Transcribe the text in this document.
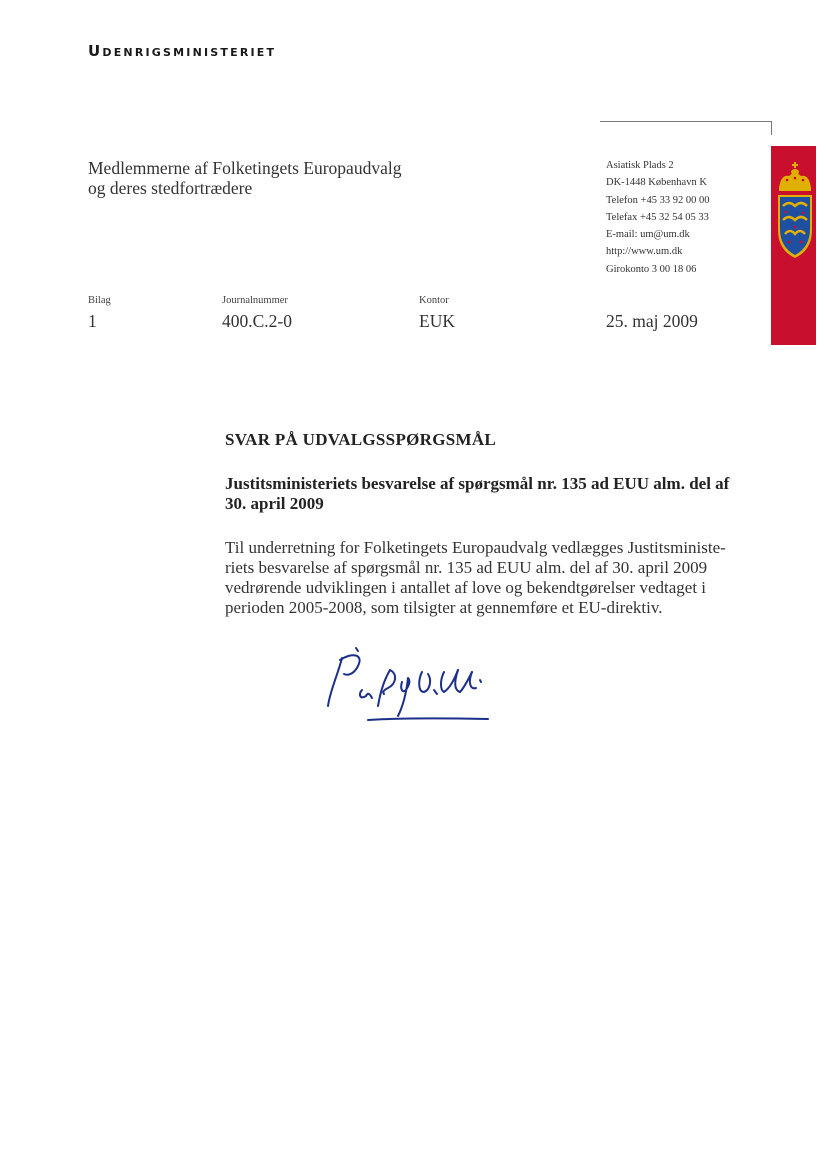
Udenrigsministeriet
Medlemmerne af Folketingets Europaudvalg
og deres stedfortrædere
Asiatisk Plads 2
DK-1448 København K
Telefon +45 33 92 00 00
Telefax +45 32 54 05 33
E-mail: um@um.dk
http://www.um.dk
Girokonto 3 00 18 06
Bilag
1
Journalnummer
400.C.2-0
Kontor
EUK	25. maj 2009
SVAR PÅ UDVALGSSPØRGSMÅL
Justitsministeriets besvarelse af spørgsmål nr. 135 ad EUU alm. del af 30. april 2009
Til underretning for Folketingets Europaudvalg vedlægges Justitsministe-
riets besvarelse af spørgsmål nr. 135 ad EUU alm. del af 30. april 2009
vedrørende udviklingen i antallet af love og bekendtgørelser vedtaget i
perioden 2005-2008, som tilsigter at gennemføre et EU-direktiv.
